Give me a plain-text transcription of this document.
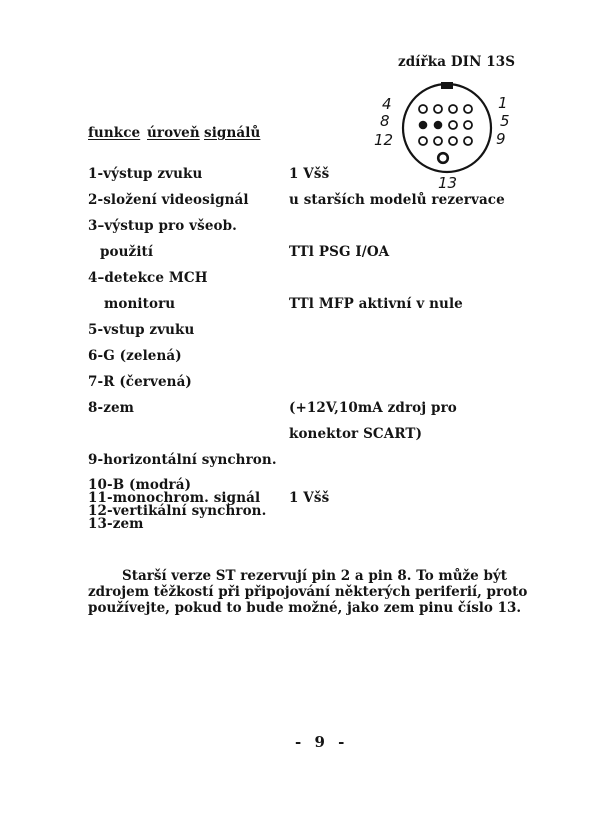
zdířka DIN 13S
4
8
12
1
5
9
13
funkce úroveň signálů
1-výstup zvuku
2-složení videosignál
3–výstup pro všeob.
použití
4–detekce MCH
monitoru
5-vstup zvuku
6-G (zelená)
7-R (červená)
8-zem
9-horizontální synchron.
10-B (modrá)
11-monochrom. signál
12-vertikální synchron.
13-zem
1 Všš
u starších modelů rezervace
TTl PSG I/OA
TTl MFP aktivní v nule
(+12V,10mA zdroj pro
konektor SCART)
1 Všš
Starší verze ST rezervují pin 2 a pin 8. To může být
zdrojem těžkostí při připojování některých periferií, proto
používejte, pokud to bude možné, jako zem pinu číslo 13.
- 9 -
